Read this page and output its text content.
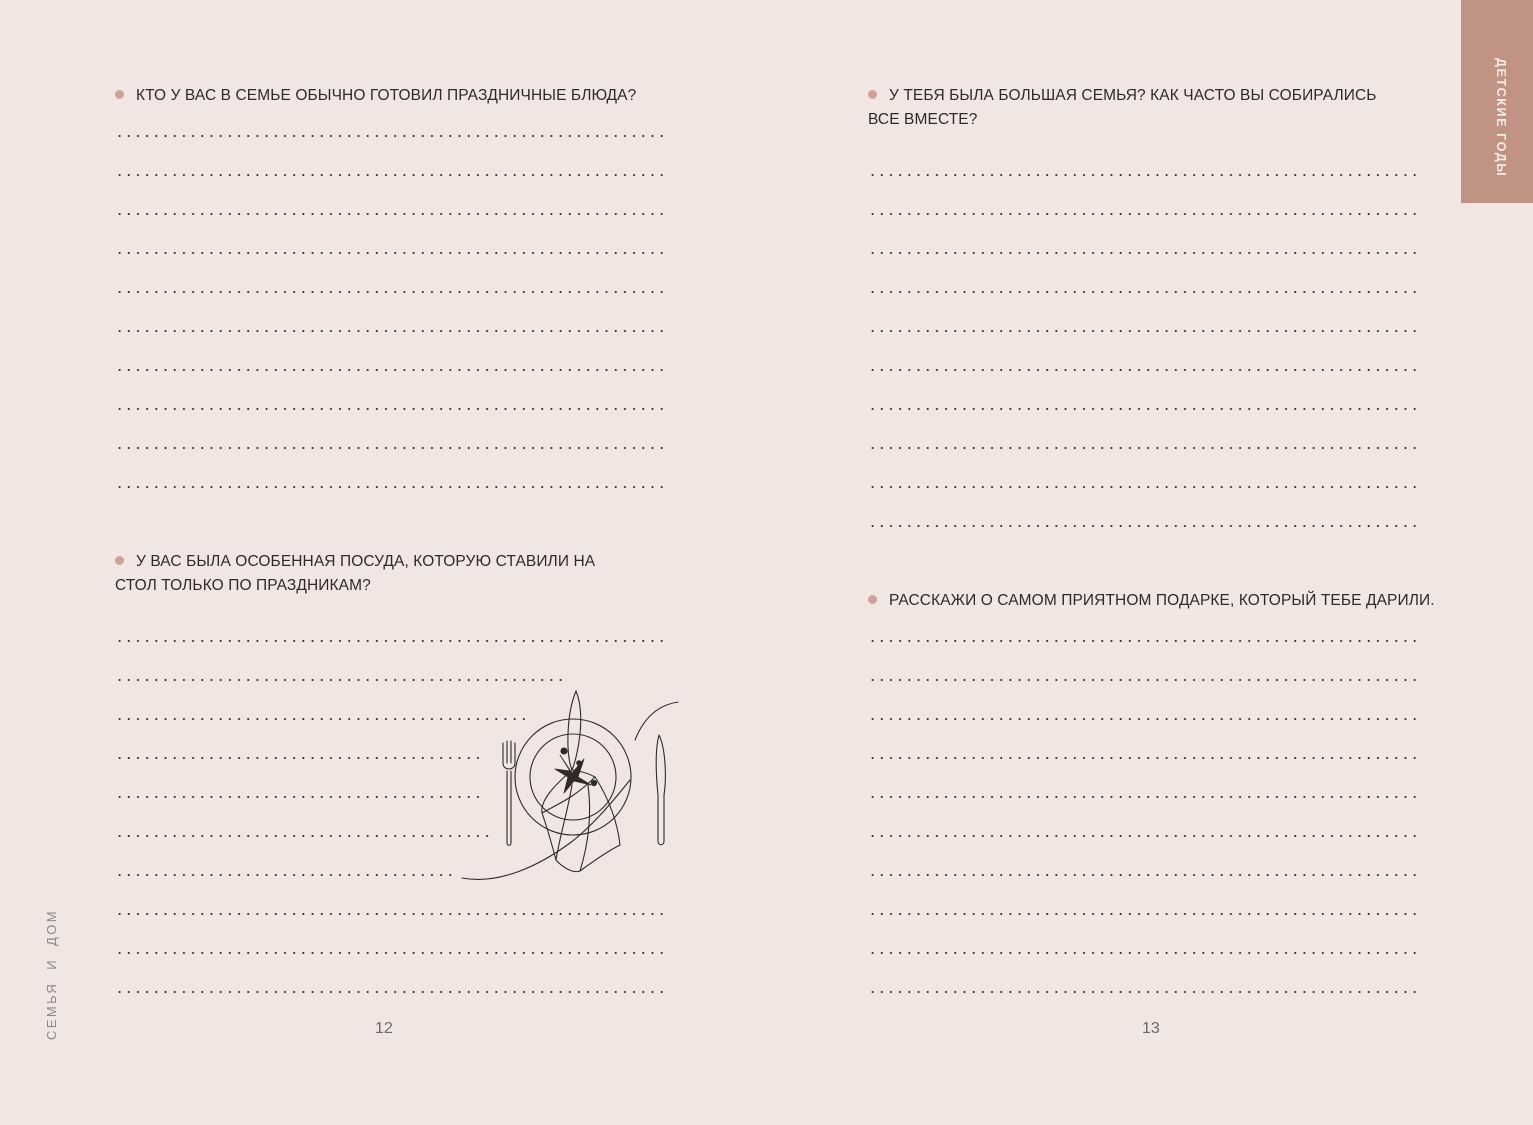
КТО У ВАС В СЕМЬЕ ОБЫЧНО ГОТОВИЛ ПРАЗДНИЧНЫЕ БЛЮДА?
У ВАС БЫЛА ОСОБЕННАЯ ПОСУДА, КОТОРУЮ СТАВИЛИ НА СТОЛ ТОЛЬКО ПО ПРАЗДНИКАМ?
12
СЕМЬЯ  И  ДОМ
У ТЕБЯ БЫЛА БОЛЬШАЯ СЕМЬЯ? КАК ЧАСТО ВЫ СОБИРАЛИСЬ ВСЕ ВМЕСТЕ?
РАССКАЖИ О САМОМ ПРИЯТНОМ ПОДАРКЕ, КОТОРЫЙ ТЕБЕ ДАРИЛИ.
13
ДЕТСКИЕ ГОДЫ
